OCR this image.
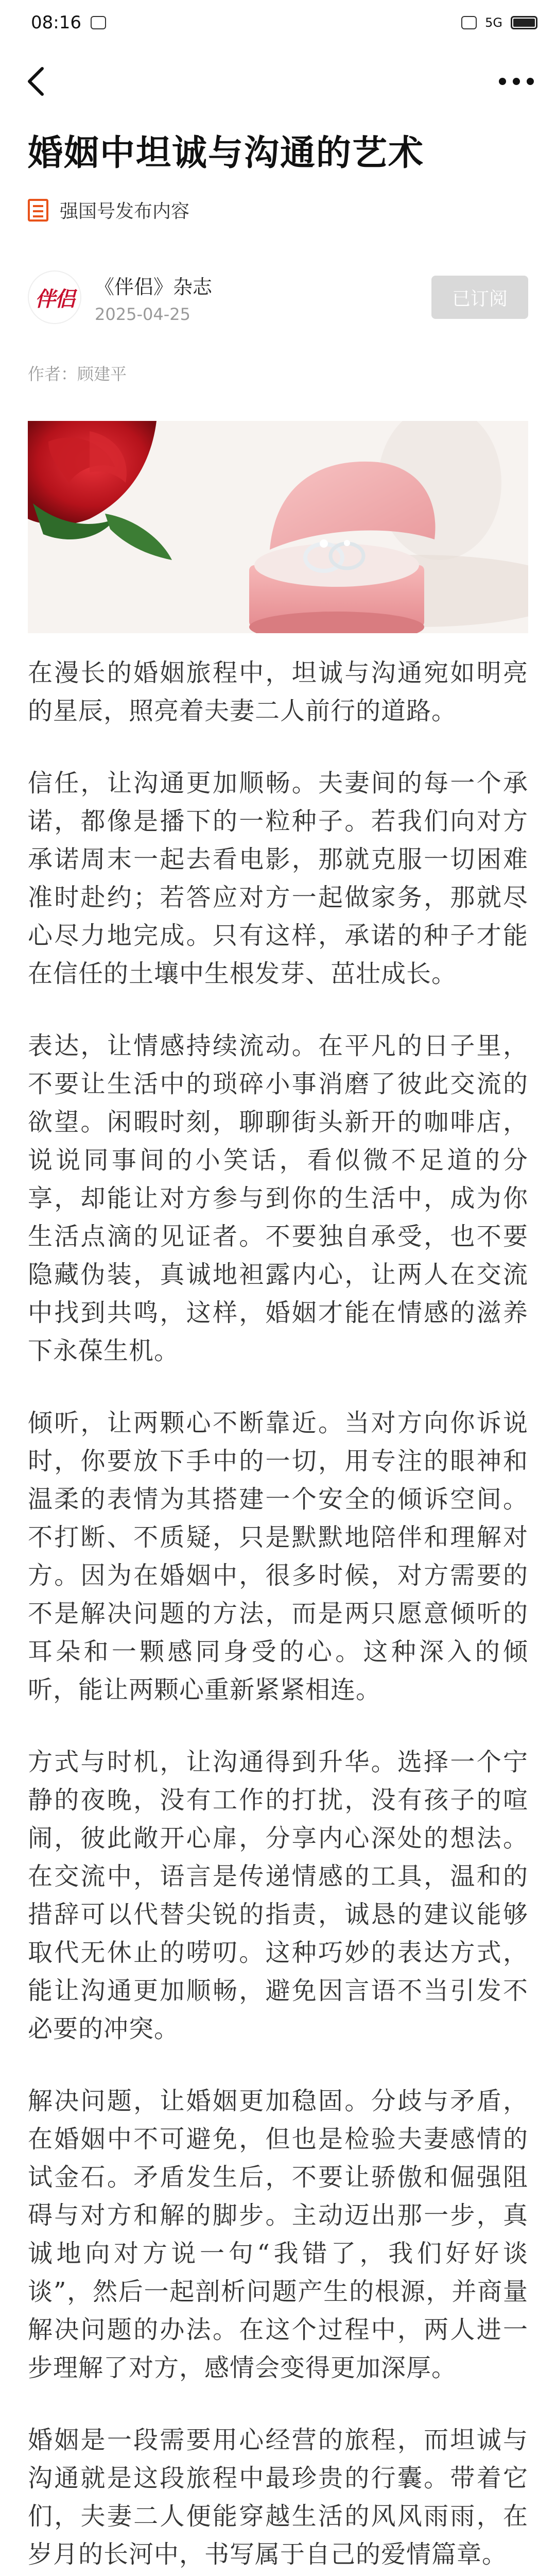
08:16	5G
婚姻中坦诚与沟通的艺术
强国号发布内容
伴侣	《伴侣》杂志
2025-04-25
已订阅
作者：顾建平

在漫长的婚姻旅程中，坦诚与沟通宛如明亮的星辰，照亮着夫妻二人前行的道路。

信任，让沟通更加顺畅。夫妻间的每一个承诺，都像是播下的一粒种子。若我们向对方承诺周末一起去看电影，那就克服一切困难准时赴约；若答应对方一起做家务，那就尽心尽力地完成。只有这样，承诺的种子才能在信任的土壤中生根发芽、茁壮成长。

表达，让情感持续流动。在平凡的日子里，不要让生活中的琐碎小事消磨了彼此交流的欲望。闲暇时刻，聊聊街头新开的咖啡店，说说同事间的小笑话，看似微不足道的分享，却能让对方参与到你的生活中，成为你生活点滴的见证者。不要独自承受，也不要隐藏伪装，真诚地袒露内心，让两人在交流中找到共鸣，这样，婚姻才能在情感的滋养下永葆生机。

倾听，让两颗心不断靠近。当对方向你诉说时，你要放下手中的一切，用专注的眼神和温柔的表情为其搭建一个安全的倾诉空间。不打断、不质疑，只是默默地陪伴和理解对方。因为在婚姻中，很多时候，对方需要的不是解决问题的方法，而是两只愿意倾听的耳朵和一颗感同身受的心。这种深入的倾听，能让两颗心重新紧紧相连。

方式与时机，让沟通得到升华。选择一个宁静的夜晚，没有工作的打扰，没有孩子的喧闹，彼此敞开心扉，分享内心深处的想法。在交流中，语言是传递情感的工具，温和的措辞可以代替尖锐的指责，诚恳的建议能够取代无休止的唠叨。这种巧妙的表达方式，能让沟通更加顺畅，避免因言语不当引发不必要的冲突。

解决问题，让婚姻更加稳固。分歧与矛盾，在婚姻中不可避免，但也是检验夫妻感情的试金石。矛盾发生后，不要让骄傲和倔强阻碍与对方和解的脚步。主动迈出那一步，真诚地向对方说一句“我错了，我们好好谈谈”，然后一起剖析问题产生的根源，并商量解决问题的办法。在这个过程中，两人进一步理解了对方，感情会变得更加深厚。

婚姻是一段需要用心经营的旅程，而坦诚与沟通就是这段旅程中最珍贵的行囊。带着它们，夫妻二人便能穿越生活的风风雨雨，在岁月的长河中，书写属于自己的爱情篇章。
